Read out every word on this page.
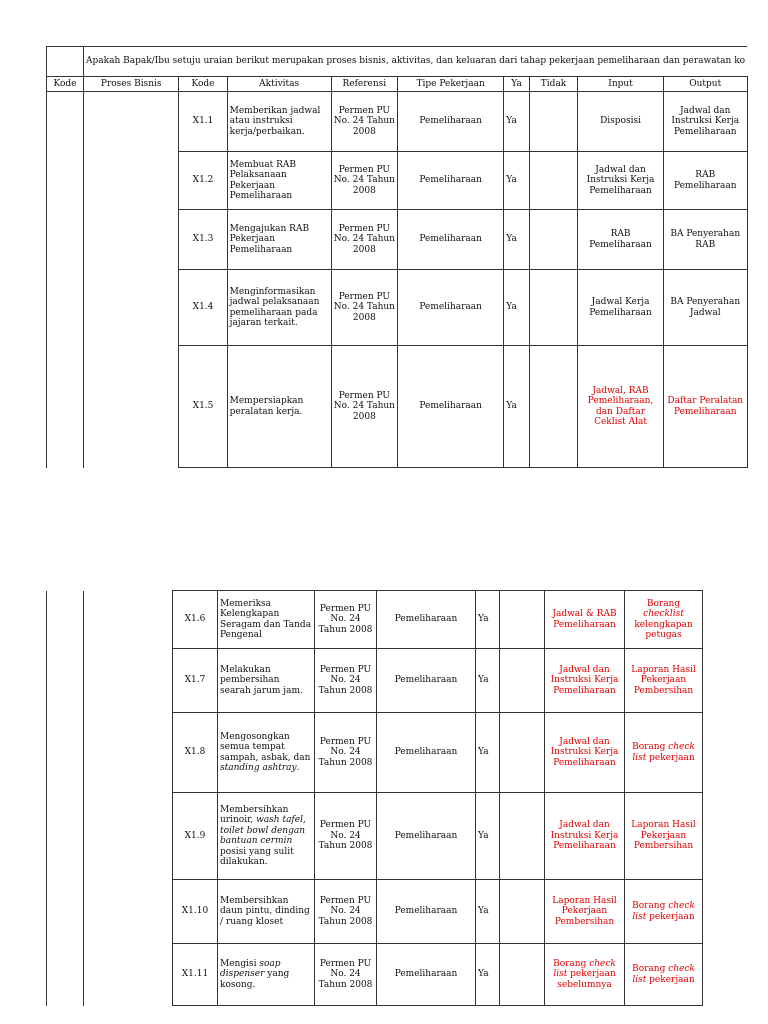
	Apakah Bapak/Ibu setuju uraian berikut merupakan proses bisnis, aktivitas, dan keluaran dari tahap pekerjaan pemeliharaan dan perawatan ko								
Kode	Proses Bisnis	Kode	Aktivitas	Referensi	Tipe Pekerjaan	Ya	Tidak	Input	Output
		X1.1	Memberikan jadwal atau instruksi kerja/perbaikan.	Permen PU No. 24 Tahun 2008	Pemeliharaan	Ya		Disposisi	Jadwal dan Instruksi Kerja Pemeliharaan
		X1.2	Membuat RAB Pelaksanaan Pekerjaan Pemeliharaan	Permen PU No. 24 Tahun 2008	Pemeliharaan	Ya		Jadwal dan Instruksi Kerja Pemeliharaan	RAB Pemeliharaan
		X1.3	Mengajukan RAB Pekerjaan Pemeliharaan	Permen PU No. 24 Tahun 2008	Pemeliharaan	Ya		RAB Pemeliharaan	BA Penyerahan RAB
		X1.4	Menginformasikan jadwal pelaksanaan pemeliharaan pada jajaran terkait.	Permen PU No. 24 Tahun 2008	Pemeliharaan	Ya		Jadwal Kerja Pemeliharaan	BA Penyerahan Jadwal
		X1.5	Mempersiapkan peralatan kerja.	Permen PU No. 24 Tahun 2008	Pemeliharaan	Ya		Jadwal, RAB Pemeliharaan, dan Daftar Ceklist Alat	Daftar Peralatan Pemeliharaan
		X1.6	Memeriksa Kelengkapan Seragam dan Tanda Pengenal	Permen PU No. 24 Tahun 2008	Pemeliharaan	Ya		Jadwal & RAB Pemeliharaan	Borang checklist kelengkapan petugas
		X1.7	Melakukan pembersihan searah jarum jam.	Permen PU No. 24 Tahun 2008	Pemeliharaan	Ya		Jadwal dan Instruksi Kerja Pemeliharaan	Laporan Hasil Pekerjaan Pembersihan
		X1.8	Mengosongkan semua tempat sampah, asbak, dan standing ashtray.	Permen PU No. 24 Tahun 2008	Pemeliharaan	Ya		Jadwal dan Instruksi Kerja Pemeliharaan	Borang check list pekerjaan
		X1.9	Membersihkan urinoir, wash tafel, toilet bowl dengan bantuan cermin posisi yang sulit dilakukan.	Permen PU No. 24 Tahun 2008	Pemeliharaan	Ya		Jadwal dan Instruksi Kerja Pemeliharaan	Laporan Hasil Pekerjaan Pembersihan
		X1.10	Membersihkan daun pintu, dinding / ruang kloset	Permen PU No. 24 Tahun 2008	Pemeliharaan	Ya		Laporan Hasil Pekerjaan Pembersihan	Borang check list pekerjaan
		X1.11	Mengisi soap dispenser yang kosong.	Permen PU No. 24 Tahun 2008	Pemeliharaan	Ya		Borang check list pekerjaan sebelumnya	Borang check list pekerjaan
